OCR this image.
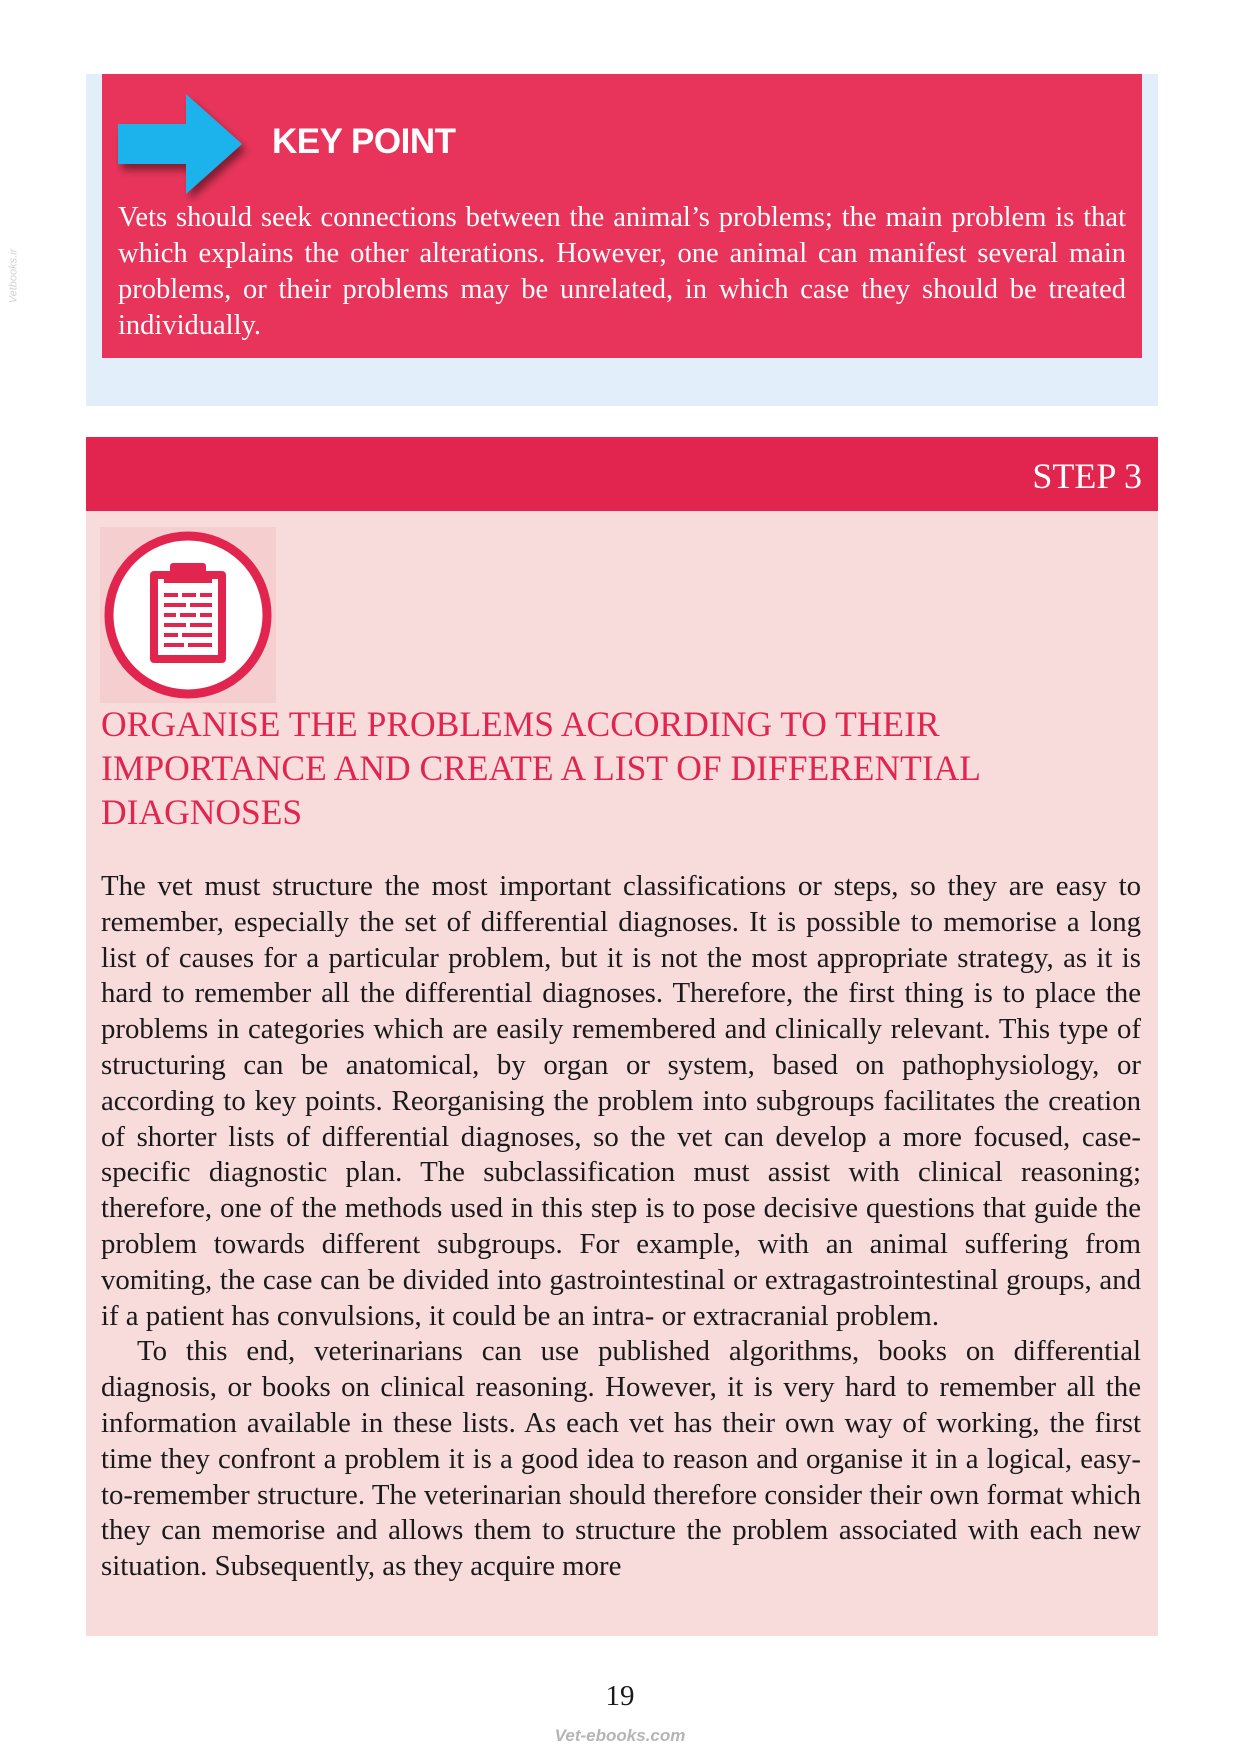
Vetbooks.ir
KEY POINT
Vets should seek connections between the animal’s problems; the main problem is that which explains the other alterations. However, one animal can manifest several main problems, or their problems may be unrelated, in which case they should be treated individually.
STEP 3
ORGANISE THE PROBLEMS ACCORDING TO THEIR IMPORTANCE AND CREATE A LIST OF DIFFERENTIAL DIAGNOSES

The vet must structure the most important classifications or steps, so they are easy to remember, especially the set of differential diagnoses. It is possible to memorise a long list of causes for a particular problem, but it is not the most appropriate strategy, as it is hard to remember all the differential diagnoses. Therefore, the first thing is to place the problems in categories which are easily remembered and clinically relevant. This type of structuring can be anatomical, by organ or system, based on pathophysiology, or according to key points. Reorganising the problem into subgroups facilitates the creation of shorter lists of differential diagnoses, so the vet can develop a more focused, case-specific diagnostic plan. The subclassification must assist with clinical reasoning; therefore, one of the methods used in this step is to pose decisive questions that guide the problem towards different subgroups. For example, with an animal suffering from vomiting, the case can be divided into gastrointestinal or extragastrointestinal groups, and if a patient has convulsions, it could be an intra- or extracranial problem.

To this end, veterinarians can use published algorithms, books on differential diagnosis, or books on clinical reasoning. However, it is very hard to remember all the information available in these lists. As each vet has their own way of working, the first time they confront a problem it is a good idea to reason and organise it in a logical, easy-to-remember structure. The veterinarian should therefore consider their own format which they can memorise and allows them to structure the problem associated with each new situation. Subsequently, as they acquire more

19
Vet-ebooks.com
